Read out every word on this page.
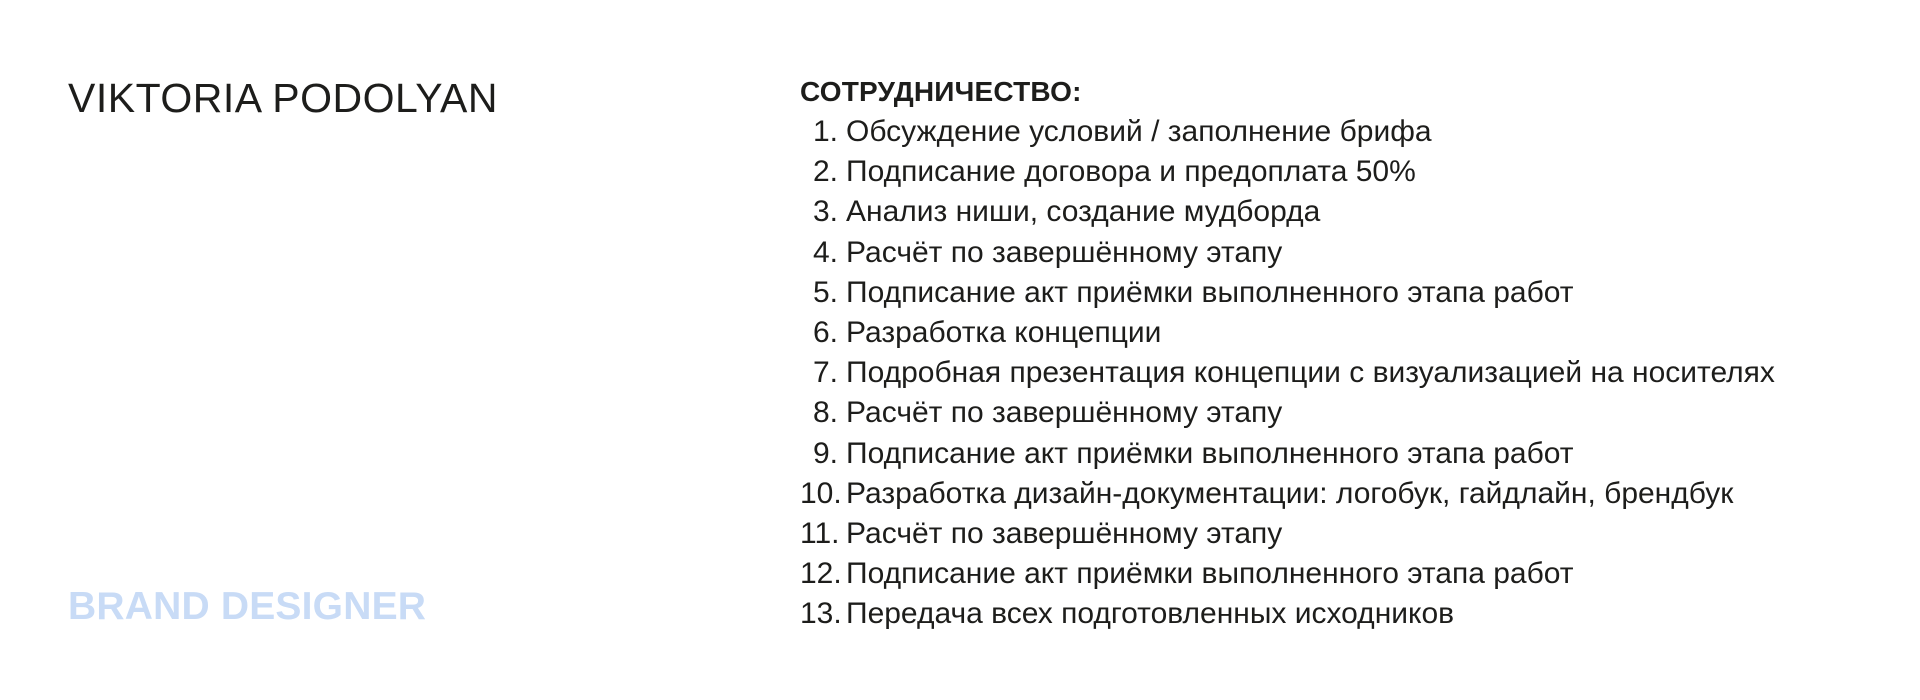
VIKTORIA PODOLYAN
BRAND DESIGNER
СОТРУДНИЧЕСТВО:
1. Обсуждение условий / заполнение брифа
2. Подписание договора и предоплата 50%
3. Анализ ниши, создание мудборда
4. Расчёт по завершённому этапу
5. Подписание акт приёмки выполненного этапа работ
6. Разработка концепции
7. Подробная презентация концепции с визуализацией на носителях
8. Расчёт по завершённому этапу
9. Подписание акт приёмки выполненного этапа работ
10. Разработка дизайн-документации: логобук, гайдлайн, брендбук
11. Расчёт по завершённому этапу
12. Подписание акт приёмки выполненного этапа работ
13. Передача всех подготовленных исходников
